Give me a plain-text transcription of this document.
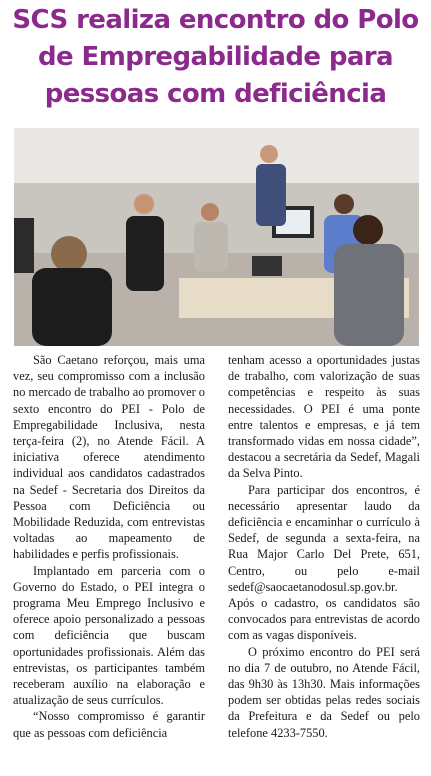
SCS realiza encontro do Polo de Empregabilidade para pessoas com deficiência

São Caetano reforçou, mais uma vez, seu compromisso com a inclusão no mercado de trabalho ao promover o sexto encontro do PEI - Polo de Empregabilidade Inclusiva, nesta terça-feira (2), no Atende Fácil. A iniciativa oferece atendimento individual aos candidatos cadastrados na Sedef - Secretaria dos Direitos da Pessoa com Deficiência ou Mobilidade Reduzida, com entrevistas voltadas ao mapeamento de habilidades e perfis profissionais.

Implantado em parceria com o Governo do Estado, o PEI integra o programa Meu Emprego Inclusivo e oferece apoio personalizado a pessoas com deficiência que buscam oportunidades profissionais. Além das entrevistas, os participantes também receberam auxílio na elaboração e atualização de seus currículos.

“Nosso compromisso é garantir que as pessoas com deficiência

tenham acesso a oportunidades justas de trabalho, com valorização de suas competências e respeito às suas necessidades. O PEI é uma ponte entre talentos e empresas, e já tem transformado vidas em nossa cidade”, destacou a secretária da Sedef, Magali da Selva Pinto.

Para participar dos encontros, é necessário apresentar laudo da deficiência e encaminhar o currículo à Sedef, de segunda a sexta-feira, na Rua Major Carlo Del Prete, 651, Centro, ou pelo e-mail sedef@saocaetanodosul.sp.gov.br. Após o cadastro, os candidatos são convocados para entrevistas de acordo com as vagas disponíveis.

O próximo encontro do PEI será no dia 7 de outubro, no Atende Fácil, das 9h30 às 13h30. Mais informações podem ser obtidas pelas redes sociais da Prefeitura e da Sedef ou pelo telefone 4233-7550.
